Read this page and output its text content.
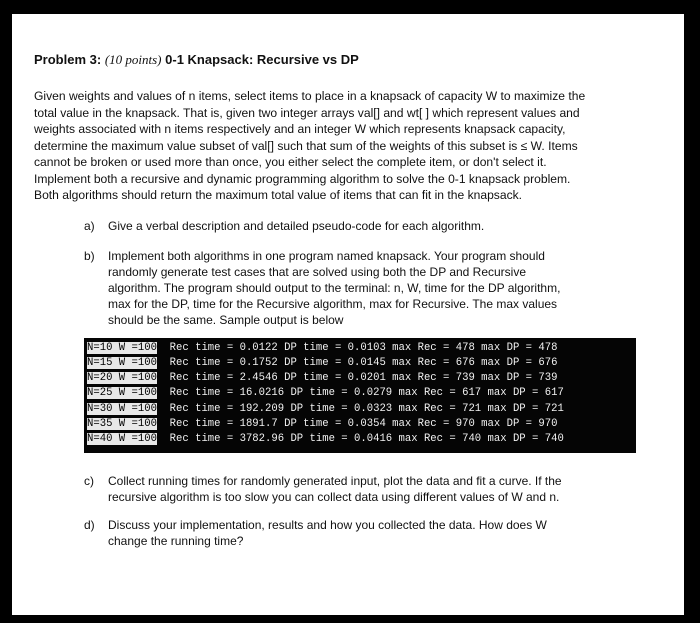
Problem 3: (10 points) 0-1 Knapsack: Recursive vs DP

Given weights and values of n items, select items to place in a knapsack of capacity W to maximize the

total value in the knapsack. That is, given two integer arrays val[] and wt[ ] which represent values and

weights associated with n items respectively and an integer W which represents knapsack capacity,

determine the maximum value subset of val[] such that sum of the weights of this subset is ≤ W. Items

cannot be broken or used more than once, you either select the complete item, or don't select it.

Implement both a recursive and dynamic programming algorithm to solve the 0-1 knapsack problem.

Both algorithms should return the maximum total value of items that can fit in the knapsack.

a)	Give a verbal description and detailed pseudo-code for each algorithm.

b)	Implement both algorithms in one program named knapsack. Your program should

randomly generate test cases that are solved using both the DP and Recursive

algorithm. The program should output to the terminal: n, W, time for the DP algorithm,

max for the DP, time for the Recursive algorithm, max for Recursive. The max values

should be the same. Sample output is below

N=10 W =100  Rec time = 0.0122 DP time = 0.0103 max Rec = 478 max DP = 478
N=15 W =100  Rec time = 0.1752 DP time = 0.0145 max Rec = 676 max DP = 676
N=20 W =100  Rec time = 2.4546 DP time = 0.0201 max Rec = 739 max DP = 739
N=25 W =100  Rec time = 16.0216 DP time = 0.0279 max Rec = 617 max DP = 617
N=30 W =100  Rec time = 192.209 DP time = 0.0323 max Rec = 721 max DP = 721
N=35 W =100  Rec time = 1891.7 DP time = 0.0354 max Rec = 970 max DP = 970
N=40 W =100  Rec time = 3782.96 DP time = 0.0416 max Rec = 740 max DP = 740
c)	Collect running times for randomly generated input, plot the data and fit a curve. If the

recursive algorithm is too slow you can collect data using different values of W and n.

d)	Discuss your implementation, results and how you collected the data. How does W

change the running time?
